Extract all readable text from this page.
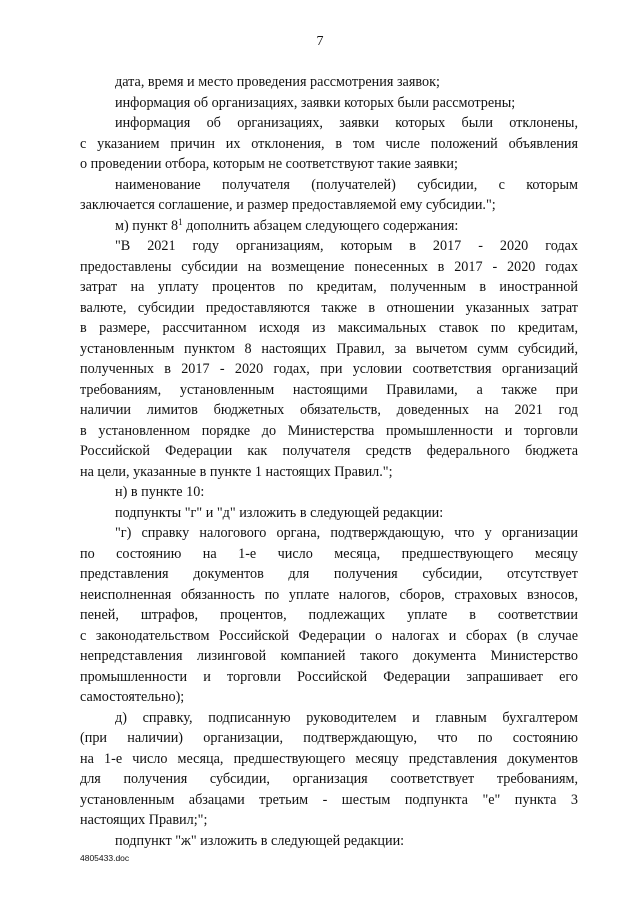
7
дата, время и место проведения рассмотрения заявок;
информация об организациях, заявки которых были рассмотрены;
информация об организациях, заявки которых были отклонены,
с указанием причин их отклонения, в том числе положений объявления
о проведении отбора, которым не соответствуют такие заявки;
наименование получателя (получателей) субсидии, с которым
заключается соглашение, и размер предоставляемой ему субсидии.";
м) пункт $8^1$ дополнить абзацем следующего содержания:
"В 2021 году организациям, которым в 2017 - 2020 годах
предоставлены субсидии на возмещение понесенных в 2017 - 2020 годах
затрат на уплату процентов по кредитам, полученным в иностранной
валюте, субсидии предоставляются также в отношении указанных затрат
в размере, рассчитанном исходя из максимальных ставок по кредитам,
установленным пунктом 8 настоящих Правил, за вычетом сумм субсидий,
полученных в 2017 - 2020 годах, при условии соответствия организаций
требованиям, установленным настоящими Правилами, а также при
наличии лимитов бюджетных обязательств, доведенных на 2021 год
в установленном порядке до Министерства промышленности и торговли
Российской Федерации как получателя средств федерального бюджета
на цели, указанные в пункте 1 настоящих Правил.";
н) в пункте 10:
подпункты "г" и "д" изложить в следующей редакции:
"г) справку налогового органа, подтверждающую, что у организации
по состоянию на 1-е число месяца, предшествующего месяцу
представления документов для получения субсидии, отсутствует
неисполненная обязанность по уплате налогов, сборов, страховых взносов,
пеней, штрафов, процентов, подлежащих уплате в соответствии
с законодательством Российской Федерации о налогах и сборах (в случае
непредставления лизинговой компанией такого документа Министерство
промышленности и торговли Российской Федерации запрашивает его
самостоятельно);
д) справку, подписанную руководителем и главным бухгалтером
(при наличии) организации, подтверждающую, что по состоянию
на 1-е число месяца, предшествующего месяцу представления документов
для получения субсидии, организация соответствует требованиям,
установленным абзацами третьим - шестым подпункта "е" пункта 3
настоящих Правил;";
подпункт "ж" изложить в следующей редакции:
4805433.doc
